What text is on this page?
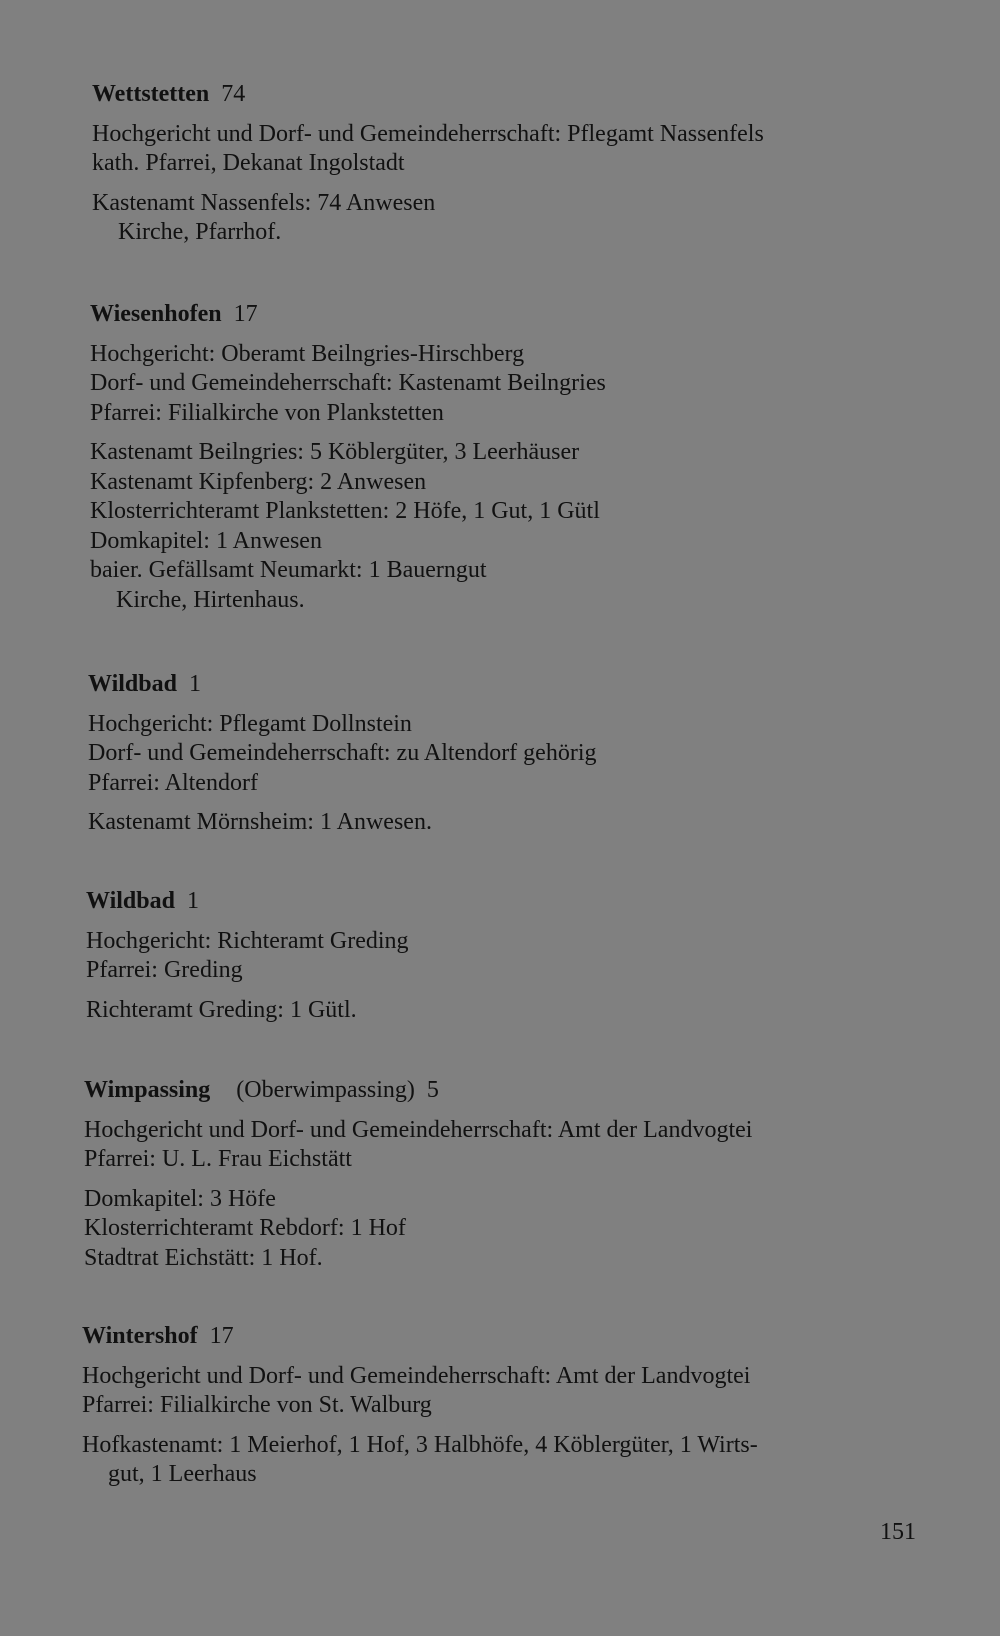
Wettstetten 74
Hochgericht und Dorf- und Gemeindeherrschaft: Pflegamt Nassenfels
kath. Pfarrei, Dekanat Ingolstadt
Kastenamt Nassenfels: 74 Anwesen
Kirche, Pfarrhof.
Wiesenhofen 17
Hochgericht: Oberamt Beilngries-Hirschberg
Dorf- und Gemeindeherrschaft: Kastenamt Beilngries
Pfarrei: Filialkirche von Plankstetten
Kastenamt Beilngries: 5 Köblergüter, 3 Leerhäuser
Kastenamt Kipfenberg: 2 Anwesen
Klosterrichteramt Plankstetten: 2 Höfe, 1 Gut, 1 Gütl
Domkapitel: 1 Anwesen
baier. Gefällsamt Neumarkt: 1 Bauerngut
Kirche, Hirtenhaus.
Wildbad 1
Hochgericht: Pflegamt Dollnstein
Dorf- und Gemeindeherrschaft: zu Altendorf gehörig
Pfarrei: Altendorf
Kastenamt Mörnsheim: 1 Anwesen.
Wildbad 1
Hochgericht: Richteramt Greding
Pfarrei: Greding
Richteramt Greding: 1 Gütl.
Wimpassing (Oberwimpassing) 5
Hochgericht und Dorf- und Gemeindeherrschaft: Amt der Landvogtei
Pfarrei: U. L. Frau Eichstätt
Domkapitel: 3 Höfe
Klosterrichteramt Rebdorf: 1 Hof
Stadtrat Eichstätt: 1 Hof.
Wintershof 17
Hochgericht und Dorf- und Gemeindeherrschaft: Amt der Landvogtei
Pfarrei: Filialkirche von St. Walburg
Hofkastenamt: 1 Meierhof, 1 Hof, 3 Halbhöfe, 4 Köblergüter, 1 Wirts-
gut, 1 Leerhaus
151
